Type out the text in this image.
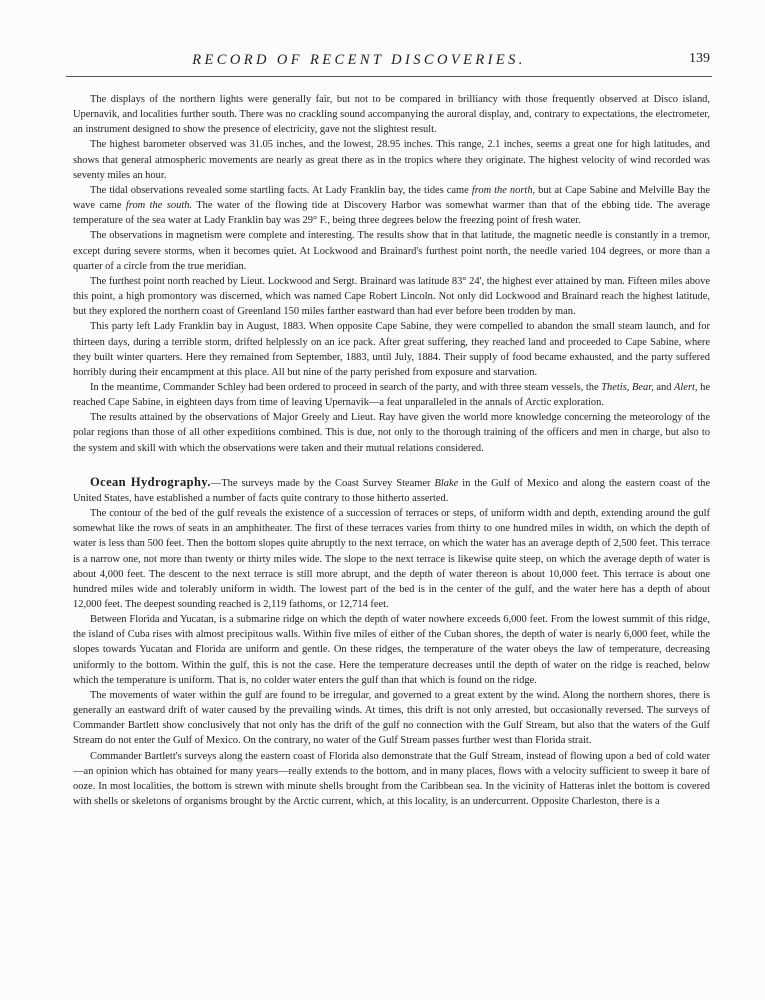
RECORD OF RECENT DISCOVERIES.	139

The displays of the northern lights were generally fair, but not to be compared in brilliancy with those frequently observed at Disco island, Upernavik, and localities further south. There was no crackling sound accompanying the auroral display, and, contrary to expectations, the electrometer, an instrument designed to show the presence of electricity, gave not the slightest result.

The highest barometer observed was 31.05 inches, and the lowest, 28.95 inches. This range, 2.1 inches, seems a great one for high latitudes, and shows that general atmospheric movements are nearly as great there as in the tropics where they originate. The highest velocity of wind recorded was seventy miles an hour.

The tidal observations revealed some startling facts. At Lady Franklin bay, the tides came from the north, but at Cape Sabine and Melville Bay the wave came from the south. The water of the flowing tide at Discovery Harbor was somewhat warmer than that of the ebbing tide. The average temperature of the sea water at Lady Franklin bay was 29° F., being three degrees below the freezing point of fresh water.

The observations in magnetism were complete and interesting. The results show that in that latitude, the magnetic needle is constantly in a tremor, except during severe storms, when it becomes quiet. At Lockwood and Brainard's furthest point north, the needle varied 104 degrees, or more than a quarter of a circle from the true meridian.

The furthest point north reached by Lieut. Lockwood and Sergt. Brainard was latitude 83° 24', the highest ever attained by man. Fifteen miles above this point, a high promontory was discerned, which was named Cape Robert Lincoln. Not only did Lockwood and Brainard reach the highest latitude, but they explored the northern coast of Greenland 150 miles farther eastward than had ever before been trodden by man.

This party left Lady Franklin bay in August, 1883. When opposite Cape Sabine, they were compelled to abandon the small steam launch, and for thirteen days, during a terrible storm, drifted helplessly on an ice pack. After great suffering, they reached land and proceeded to Cape Sabine, where they built winter quarters. Here they remained from September, 1883, until July, 1884. Their supply of food became exhausted, and the party suffered horribly during their encampment at this place. All but nine of the party perished from exposure and starvation.

In the meantime, Commander Schley had been ordered to proceed in search of the party, and with three steam vessels, the Thetis, Bear, and Alert, he reached Cape Sabine, in eighteen days from time of leaving Upernavik—a feat unparalleled in the annals of Arctic exploration.

The results attained by the observations of Major Greely and Lieut. Ray have given the world more knowledge concerning the meteorology of the polar regions than those of all other expeditions combined. This is due, not only to the thorough training of the officers and men in charge, but also to the system and skill with which the observations were taken and their mutual relations considered.

Ocean Hydrography.—The surveys made by the Coast Survey Steamer Blake in the Gulf of Mexico and along the eastern coast of the United States, have established a number of facts quite contrary to those hitherto asserted.

The contour of the bed of the gulf reveals the existence of a succession of terraces or steps, of uniform width and depth, extending around the gulf somewhat like the rows of seats in an amphitheater. The first of these terraces varies from thirty to one hundred miles in width, on which the depth of water is less than 500 feet. Then the bottom slopes quite abruptly to the next terrace, on which the water has an average depth of 2,500 feet. This terrace is a narrow one, not more than twenty or thirty miles wide. The slope to the next terrace is likewise quite steep, on which the average depth of water is about 4,000 feet. The descent to the next terrace is still more abrupt, and the depth of water thereon is about 10,000 feet. This terrace is about one hundred miles wide and tolerably uniform in width. The lowest part of the bed is in the center of the gulf, and the water here has a depth of about 12,000 feet. The deepest sounding reached is 2,119 fathoms, or 12,714 feet.

Between Florida and Yucatan, is a submarine ridge on which the depth of water nowhere exceeds 6,000 feet. From the lowest summit of this ridge, the island of Cuba rises with almost precipitous walls. Within five miles of either of the Cuban shores, the depth of water is nearly 6,000 feet, while the slopes towards Yucatan and Florida are uniform and gentle. On these ridges, the temperature of the water obeys the law of temperature, decreasing uniformly to the bottom. Within the gulf, this is not the case. Here the temperature decreases until the depth of water on the ridge is reached, below which the temperature is uniform. That is, no colder water enters the gulf than that which is found on the ridge.

The movements of water within the gulf are found to be irregular, and governed to a great extent by the wind. Along the northern shores, there is generally an eastward drift of water caused by the prevailing winds. At times, this drift is not only arrested, but occasionally reversed. The surveys of Commander Bartlett show conclusively that not only has the drift of the gulf no connection with the Gulf Stream, but also that the waters of the Gulf Stream do not enter the Gulf of Mexico. On the contrary, no water of the Gulf Stream passes further west than Florida strait.

Commander Bartlett's surveys along the eastern coast of Florida also demonstrate that the Gulf Stream, instead of flowing upon a bed of cold water—an opinion which has obtained for many years—really extends to the bottom, and in many places, flows with a velocity sufficient to sweep it bare of ooze. In most localities, the bottom is strewn with minute shells brought from the Caribbean sea. In the vicinity of Hatteras inlet the bottom is covered with shells or skeletons of organisms brought by the Arctic current, which, at this locality, is an undercurrent. Opposite Charleston, there is a
